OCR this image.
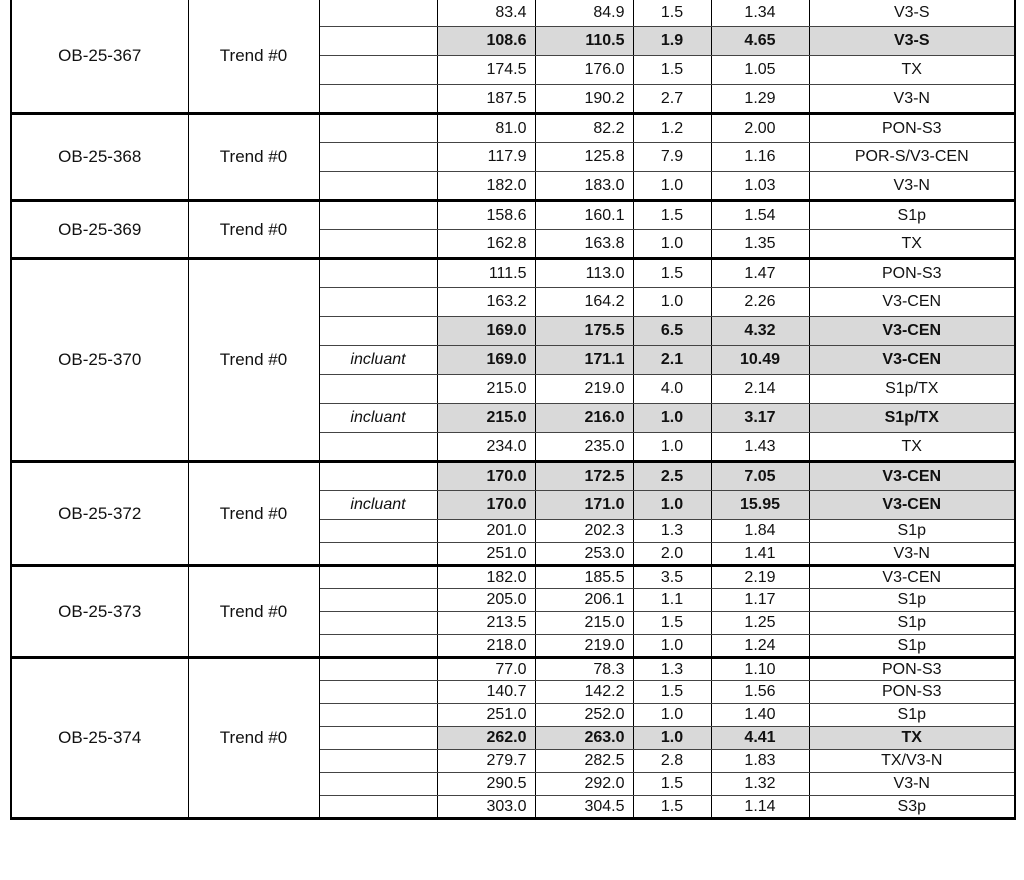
OB-25-367	Trend #0		83.4	84.9	1.5	1.34	V3-S
			108.6	110.5	1.9	4.65	V3-S
			174.5	176.0	1.5	1.05	TX
			187.5	190.2	2.7	1.29	V3-N
OB-25-368	Trend #0		81.0	82.2	1.2	2.00	PON-S3
			117.9	125.8	7.9	1.16	POR-S/V3-CEN
			182.0	183.0	1.0	1.03	V3-N
OB-25-369	Trend #0		158.6	160.1	1.5	1.54	S1p
			162.8	163.8	1.0	1.35	TX
OB-25-370	Trend #0		111.5	113.0	1.5	1.47	PON-S3
			163.2	164.2	1.0	2.26	V3-CEN
			169.0	175.5	6.5	4.32	V3-CEN
		incluant	169.0	171.1	2.1	10.49	V3-CEN
			215.0	219.0	4.0	2.14	S1p/TX
		incluant	215.0	216.0	1.0	3.17	S1p/TX
			234.0	235.0	1.0	1.43	TX
OB-25-372	Trend #0		170.0	172.5	2.5	7.05	V3-CEN
		incluant	170.0	171.0	1.0	15.95	V3-CEN
			201.0	202.3	1.3	1.84	S1p
			251.0	253.0	2.0	1.41	V3-N
OB-25-373	Trend #0		182.0	185.5	3.5	2.19	V3-CEN
			205.0	206.1	1.1	1.17	S1p
			213.5	215.0	1.5	1.25	S1p
			218.0	219.0	1.0	1.24	S1p
OB-25-374	Trend #0		77.0	78.3	1.3	1.10	PON-S3
			140.7	142.2	1.5	1.56	PON-S3
			251.0	252.0	1.0	1.40	S1p
			262.0	263.0	1.0	4.41	TX
			279.7	282.5	2.8	1.83	TX/V3-N
			290.5	292.0	1.5	1.32	V3-N
			303.0	304.5	1.5	1.14	S3p
